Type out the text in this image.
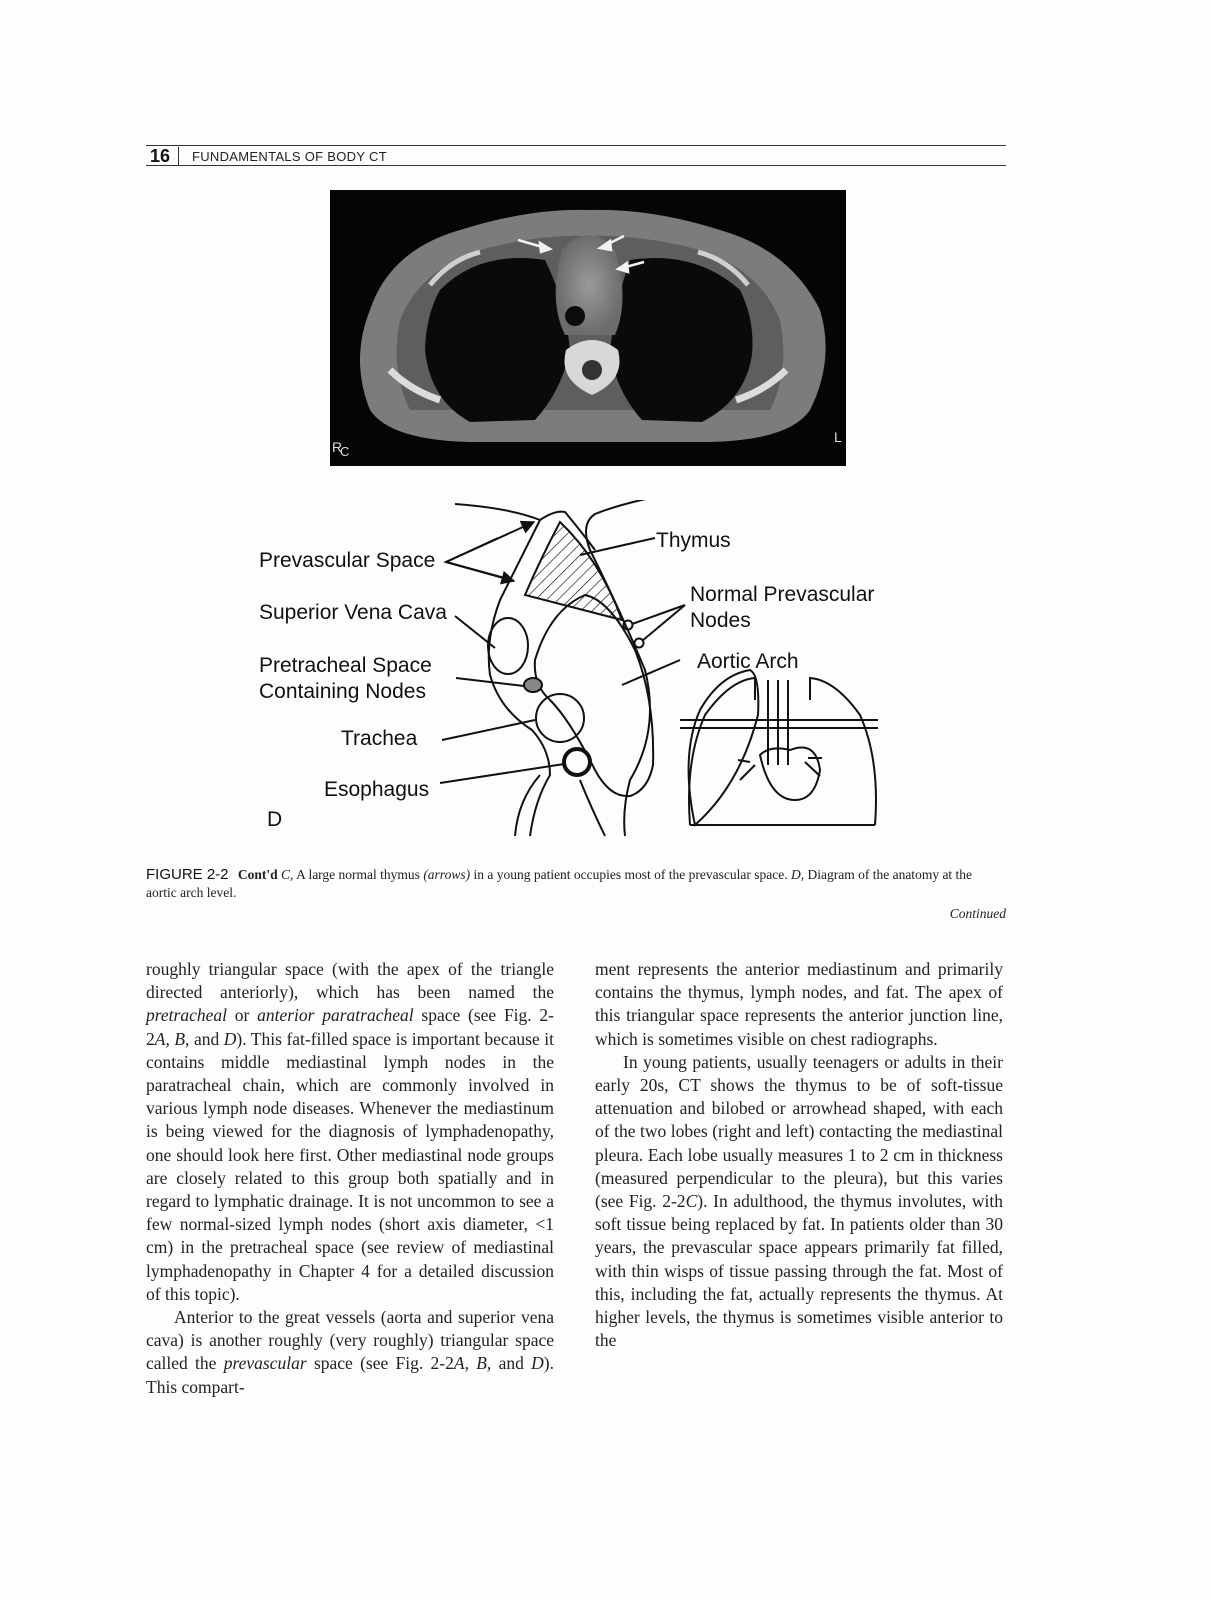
16 FUNDAMENTALS OF BODY CT
R
C
L
Prevascular Space
Superior Vena Cava
Pretracheal Space
Containing Nodes
Trachea
Esophagus
D
Thymus
Normal Prevascular
Nodes
Aortic Arch
FIGURE 2-2 Cont'd C, A large normal thymus (arrows) in a young patient occupies most of the prevascular space. D, Diagram of the anatomy at the aortic arch level.
Continued

roughly triangular space (with the apex of the triangle directed anteriorly), which has been named the pretracheal or anterior paratracheal space (see Fig. 2-2A, B, and D). This fat-filled space is important because it contains middle mediastinal lymph nodes in the paratracheal chain, which are commonly involved in various lymph node diseases. Whenever the mediastinum is being viewed for the diagnosis of lymphadenopathy, one should look here first. Other mediastinal node groups are closely related to this group both spatially and in regard to lymphatic drainage. It is not uncommon to see a few normal-sized lymph nodes (short axis diameter, <1 cm) in the pretracheal space (see review of mediastinal lymphadenopathy in Chapter 4 for a detailed discussion of this topic).

Anterior to the great vessels (aorta and superior vena cava) is another roughly (very roughly) triangular space called the prevascular space (see Fig. 2-2A, B, and D). This compart-

ment represents the anterior mediastinum and primarily contains the thymus, lymph nodes, and fat. The apex of this triangular space represents the anterior junction line, which is sometimes visible on chest radiographs.

In young patients, usually teenagers or adults in their early 20s, CT shows the thymus to be of soft-tissue attenuation and bilobed or arrowhead shaped, with each of the two lobes (right and left) contacting the mediastinal pleura. Each lobe usually measures 1 to 2 cm in thickness (measured perpendicular to the pleura), but this varies (see Fig. 2-2C). In adulthood, the thymus involutes, with soft tissue being replaced by fat. In patients older than 30 years, the prevascular space appears primarily fat filled, with thin wisps of tissue passing through the fat. Most of this, including the fat, actually represents the thymus. At higher levels, the thymus is sometimes visible anterior to the
